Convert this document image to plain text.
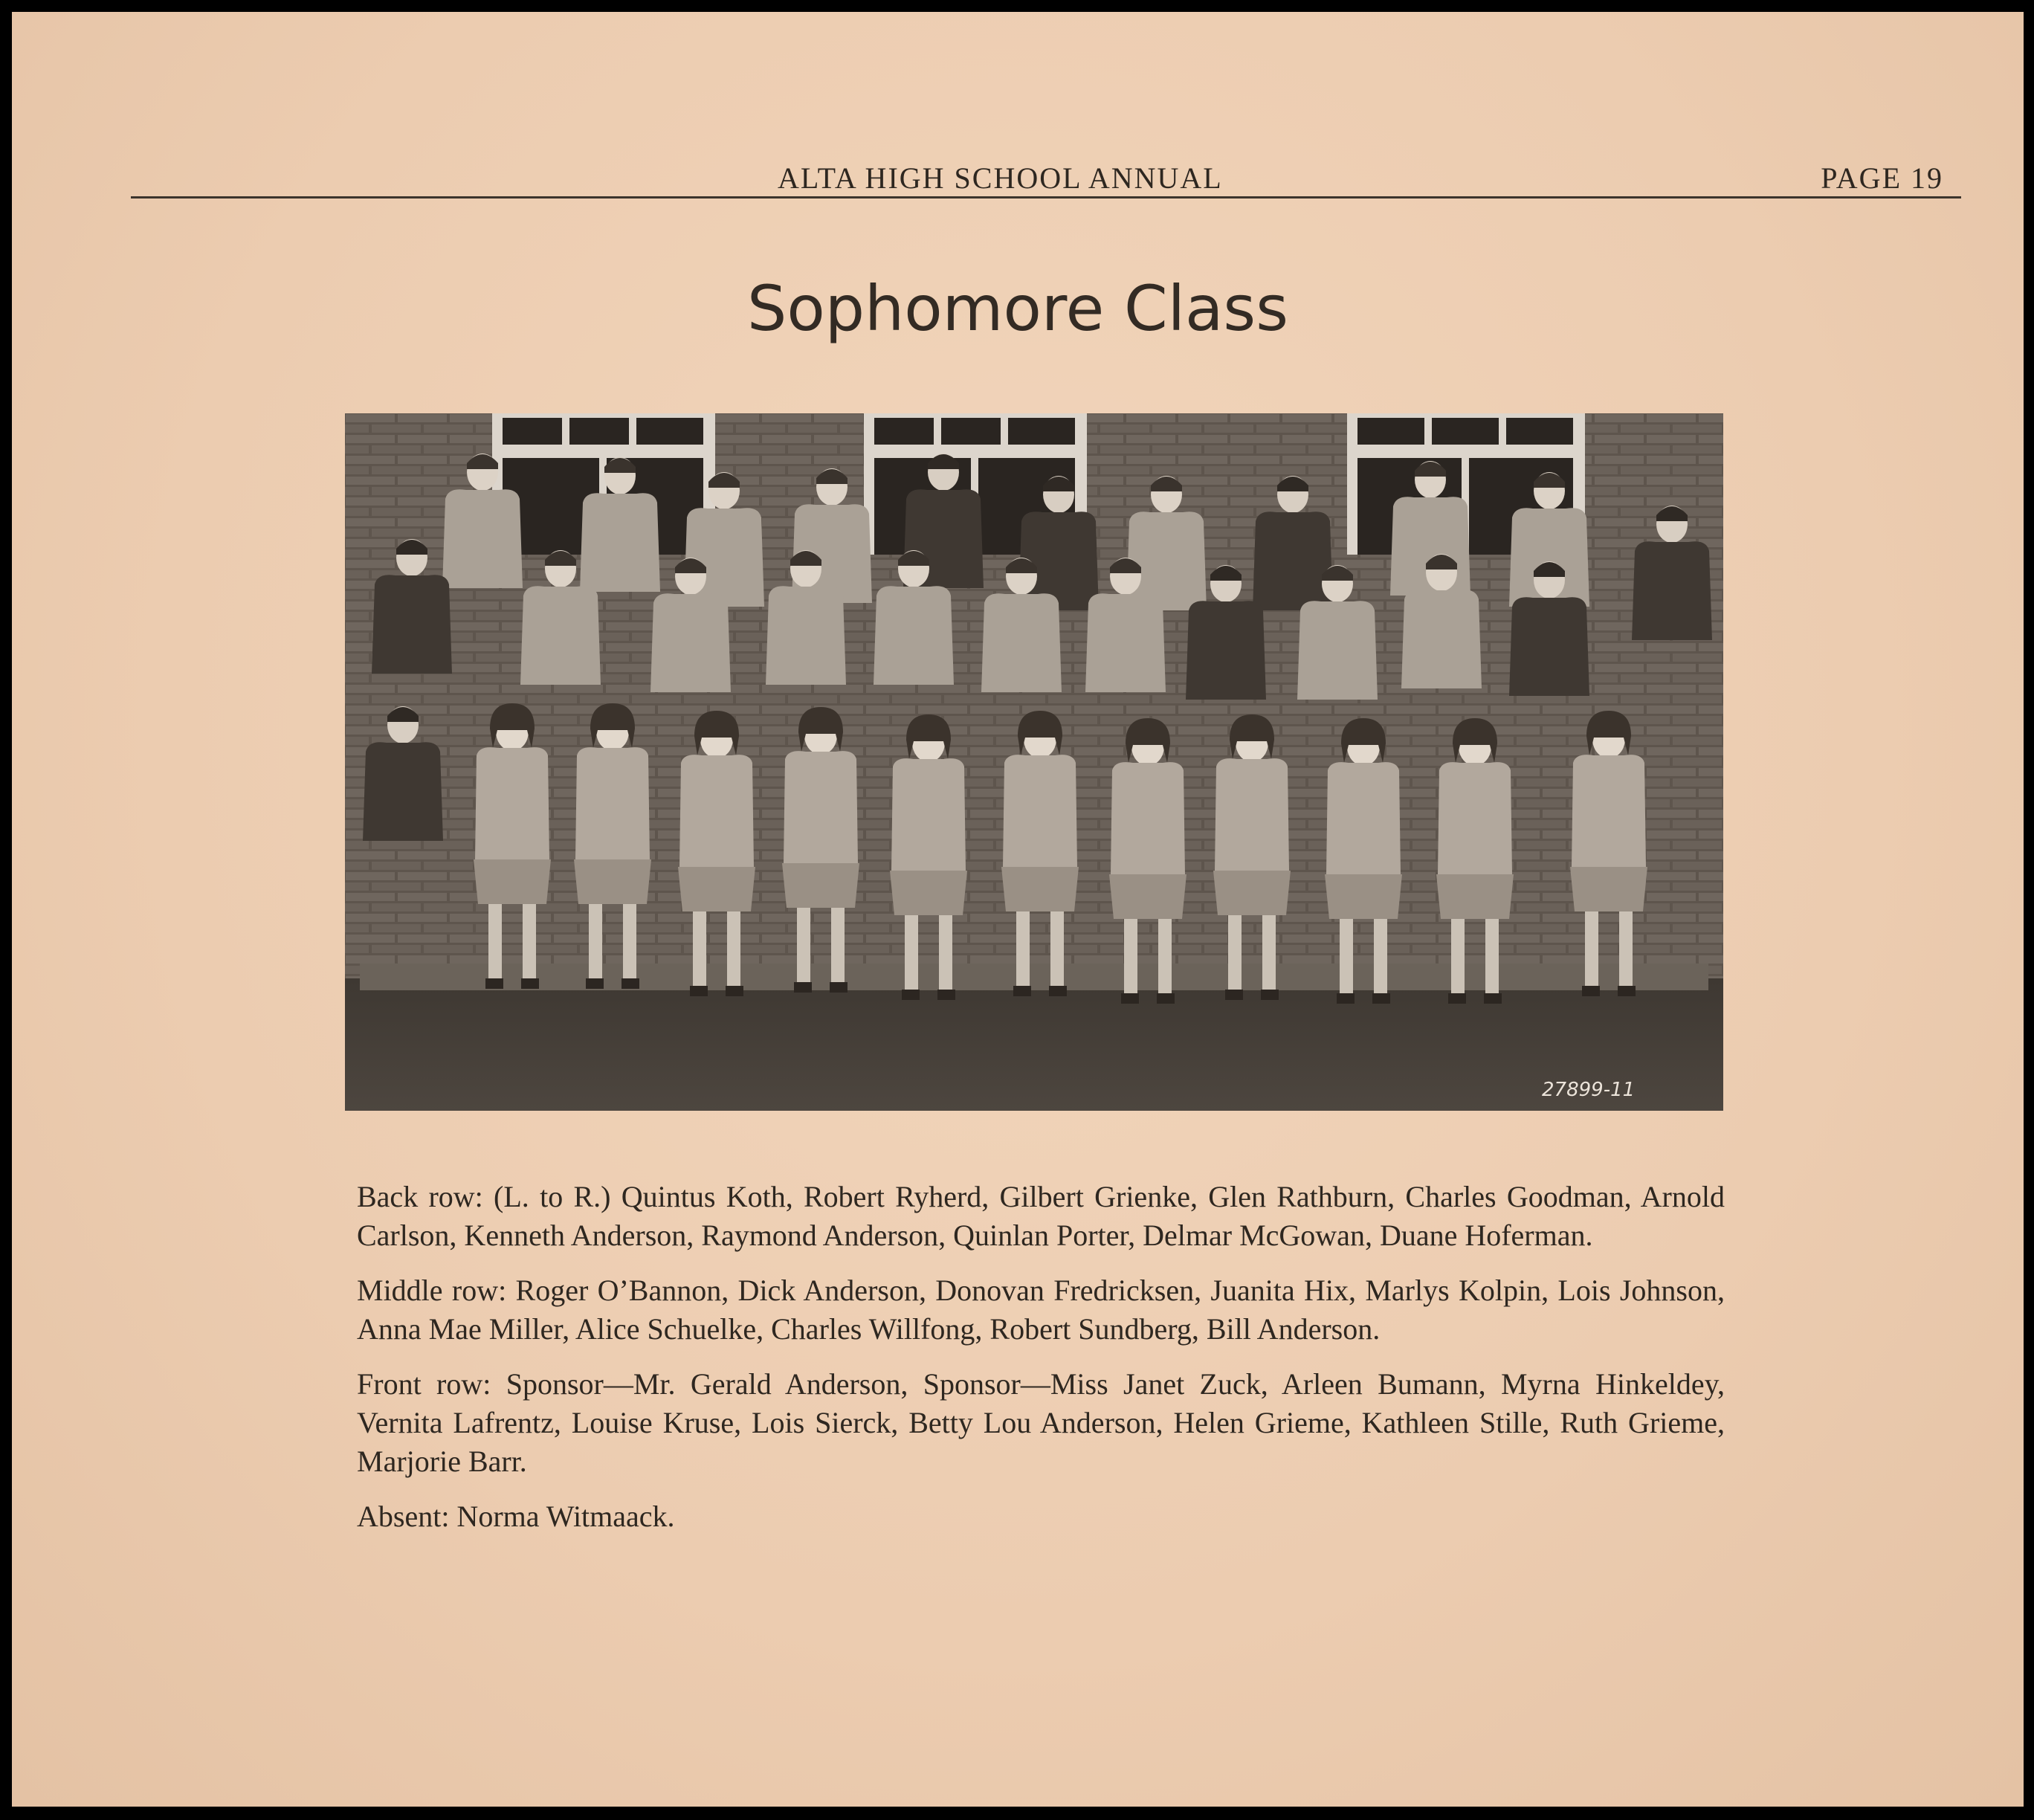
ALTA HIGH SCHOOL ANNUAL	PAGE 19
Sophomore Class
27899-11

Back row: (L. to R.) Quintus Koth, Robert Ryherd, Gilbert Grienke, Glen Rathburn, Charles Goodman, Arnold Carlson, Kenneth Anderson, Raymond Anderson, Quinlan Porter, Delmar McGowan, Duane Hoferman.

Middle row: Roger O’Bannon, Dick Anderson, Donovan Fredricksen, Juanita Hix, Marlys Kolpin, Lois Johnson, Anna Mae Miller, Alice Schuelke, Charles Willfong, Robert Sundberg, Bill Anderson.

Front row: Sponsor—Mr. Gerald Anderson, Sponsor—Miss Janet Zuck, Arleen Bumann, Myrna Hinkeldey, Vernita Lafrentz, Louise Kruse, Lois Sierck, Betty Lou Anderson, Helen Grieme, Kathleen Stille, Ruth Grieme, Marjorie Barr.

Absent: Norma Witmaack.
